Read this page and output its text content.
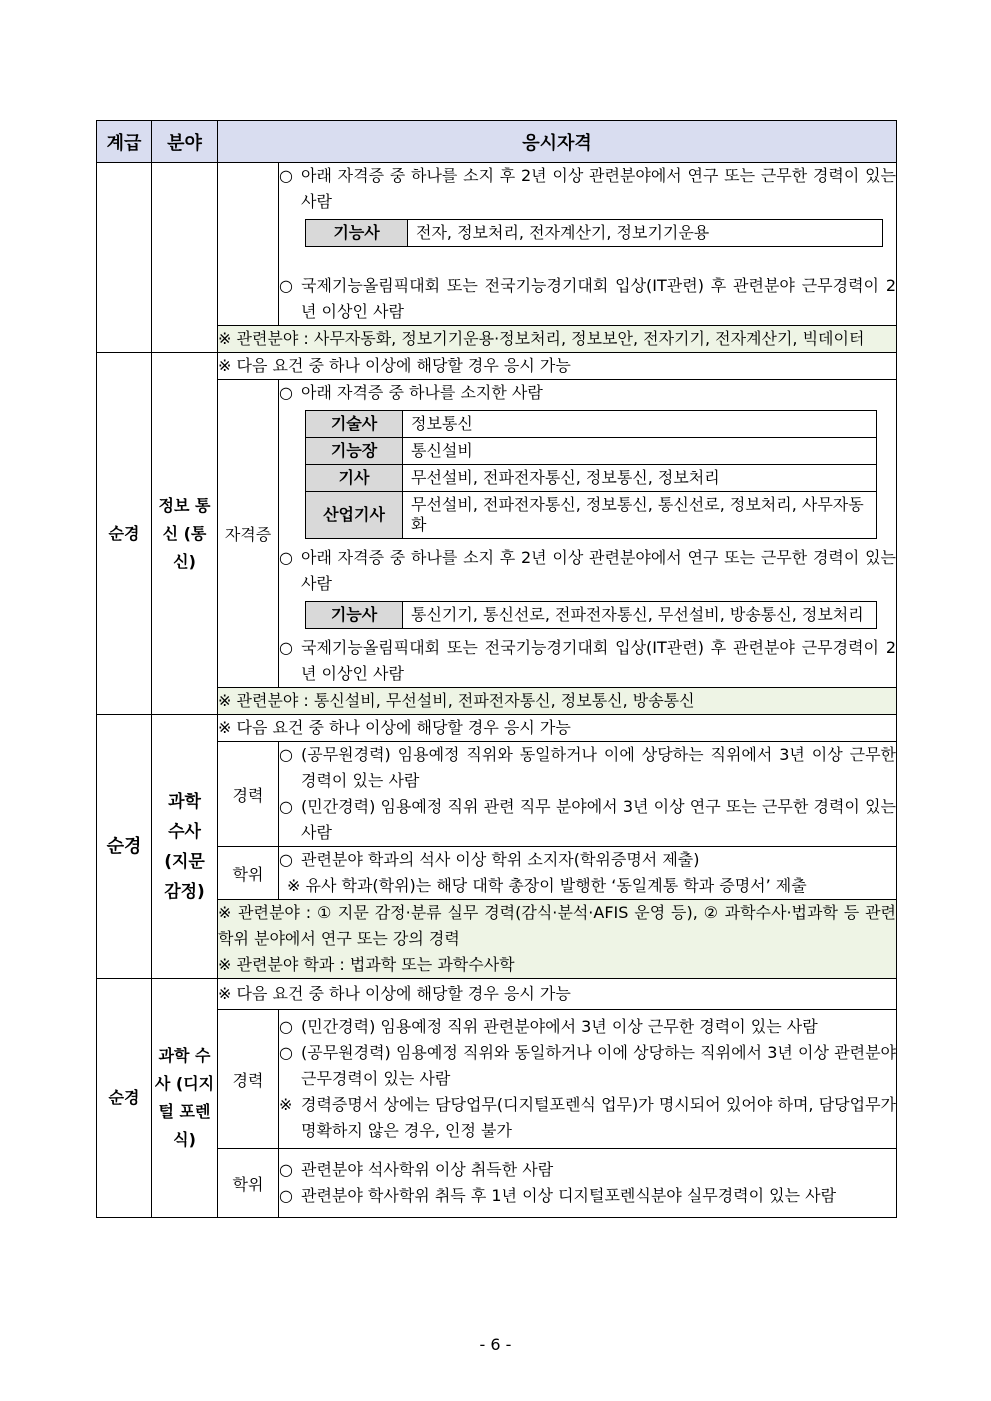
계급	분야	응시자격

○ 아래 자격증 중 하나를 소지 후 2년 이상 관련분야에서 연구 또는 근무한 경력이 있는 사람
기능사	전자, 정보처리, 전자계산기, 정보기기운용
○ 국제기능올림픽대회 또는 전국기능경기대회 입상(IT관련) 후 관련분야 근무경력이 2년 이상인 사람

※ 관련분야 : 사무자동화, 정보기기운용·정보처리, 정보보안, 전자기기, 전자계산기, 빅데이터

순경	정보 통신 (통신)	※ 다음 요건 중 하나 이상에 해당할 경우 응시 가능
자격증	
○ 아래 자격증 중 하나를 소지한 사람
기술사	정보통신
기능장	통신설비
기사	무선설비, 전파전자통신, 정보통신, 정보처리
산업기사	무선설비, 전파전자통신, 정보통신, 통신선로, 정보처리, 사무자동화
○ 아래 자격증 중 하나를 소지 후 2년 이상 관련분야에서 연구 또는 근무한 경력이 있는 사람
기능사	통신기기, 통신선로, 전파전자통신, 무선설비, 방송통신, 정보처리
○ 국제기능올림픽대회 또는 전국기능경기대회 입상(IT관련) 후 관련분야 근무경력이 2년 이상인 사람

※ 관련분야 : 통신설비, 무선설비, 전파전자통신, 정보통신, 방송통신
순경	과학 수사 (지문 감정)	※ 다음 요건 중 하나 이상에 해당할 경우 응시 가능
경력	
○ (공무원경력) 임용예정 직위와 동일하거나 이에 상당하는 직위에서 3년 이상 근무한 경력이 있는 사람
○ (민간경력) 임용예정 직위 관련 직무 분야에서 3년 이상 연구 또는 근무한 경력이 있는 사람

학위	
○ 관련분야 학과의 석사 이상 학위 소지자(학위증명서 제출)
※ 유사 학과(학위)는 해당 대학 총장이 발행한 ‘동일계통 학과 증명서’ 제출

※ 관련분야 : ① 지문 감정·분류 실무 경력(감식·분석·AFIS 운영 등), ② 과학수사·법과학 등 관련 학위 분야에서 연구 또는 강의 경력
※ 관련분야 학과 : 법과학 또는 과학수사학

순경	과학 수사 (디지털 포렌식)	※ 다음 요건 중 하나 이상에 해당할 경우 응시 가능
경력	
○ (민간경력) 임용예정 직위 관련분야에서 3년 이상 근무한 경력이 있는 사람
○ (공무원경력) 임용예정 직위와 동일하거나 이에 상당하는 직위에서 3년 이상 관련분야 근무경력이 있는 사람
※ 경력증명서 상에는 담당업무(디지털포렌식 업무)가 명시되어 있어야 하며, 담당업무가 명확하지 않은 경우, 인정 불가

학위	
○ 관련분야 석사학위 이상 취득한 사람
○ 관련분야 학사학위 취득 후 1년 이상 디지털포렌식분야 실무경력이 있는 사람
- 6 -
